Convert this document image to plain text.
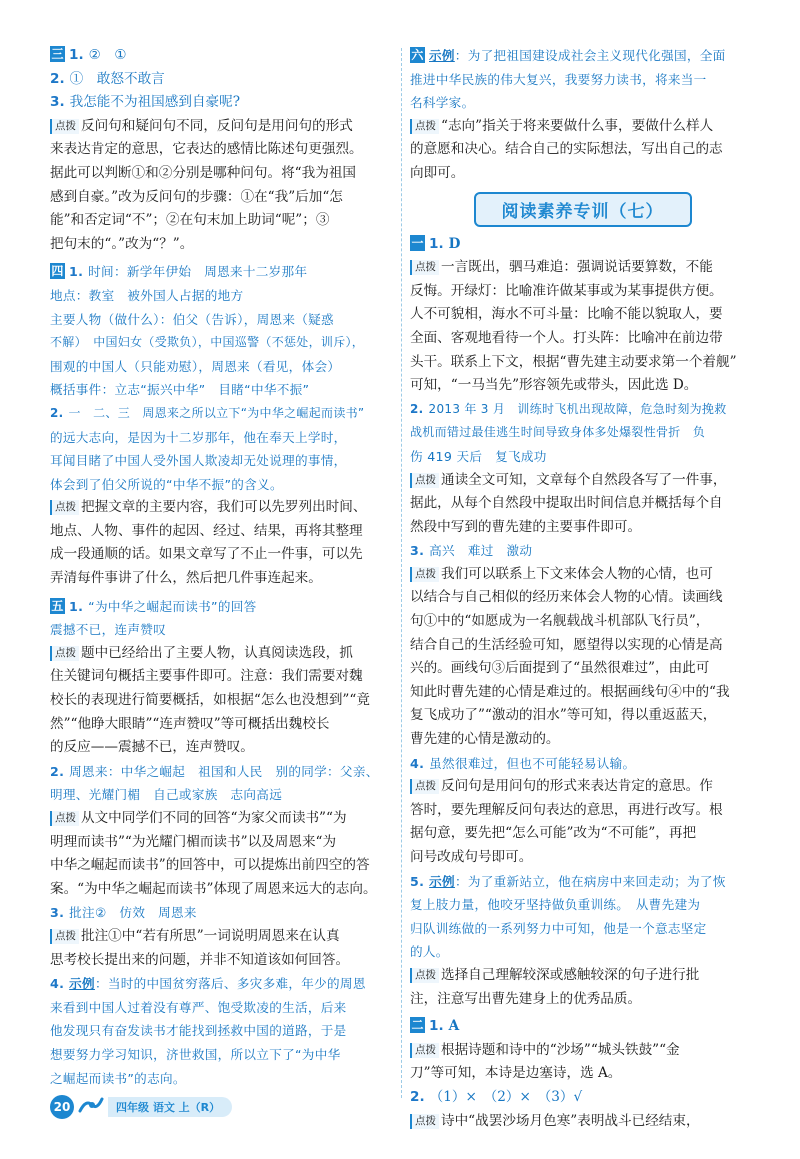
三 1. ②　①
2. ①　敢怒不敢言
3. 我怎能不为祖国感到自豪呢?
点拨 反问句和疑问句不同，反问句是用问句的形式
来表达肯定的意思，它表达的感情比陈述句更强烈。
据此可以判断①和②分别是哪种问句。将“我为祖国
感到自豪。”改为反问句的步骤：①在“我”后加“怎
能”和否定词“不”；②在句末加上助词“呢”；③
把句末的“。”改为“？”。
四 1. 时间：新学年伊始　周恩来十二岁那年
地点：教室　被外国人占据的地方
主要人物（做什么）：伯父（告诉），周恩来（疑惑
不解）　中国妇女（受欺负），中国巡警（不惩处，训斥），
围观的中国人（只能劝慰），周恩来（看见，体会）
概括事件：立志“振兴中华”　目睹“中华不振”
2. 一　二、三　周恩来之所以立下“为中华之崛起而读书”
的远大志向，是因为十二岁那年，他在奉天上学时，
耳闻目睹了中国人受外国人欺凌却无处说理的事情，
体会到了伯父所说的“中华不振”的含义。
点拨 把握文章的主要内容，我们可以先罗列出时间、
地点、人物、事件的起因、经过、结果，再将其整理
成一段通顺的话。如果文章写了不止一件事，可以先
弄清每件事讲了什么，然后把几件事连起来。
五 1. “为中华之崛起而读书”的回答
震撼不已，连声赞叹
点拨 题中已经给出了主要人物，认真阅读选段，抓
住关键词句概括主要事件即可。注意：我们需要对魏
校长的表现进行简要概括，如根据“怎么也没想到”“竟
然”“他睁大眼睛”“连声赞叹”等可概括出魏校长
的反应——震撼不已，连声赞叹。
2. 周恩来：中华之崛起　祖国和人民　别的同学：父亲、
明理、光耀门楣　自己或家族　志向高远
点拨 从文中同学们不同的回答“为家父而读书”“为
明理而读书”“为光耀门楣而读书”以及周恩来“为
中华之崛起而读书”的回答中，可以提炼出前四空的答
案。“为中华之崛起而读书”体现了周恩来远大的志向。
3. 批注②　仿效　周恩来
点拨 批注①中“若有所思”一词说明周恩来在认真
思考校长提出来的问题，并非不知道该如何回答。
4. 示例：当时的中国贫穷落后、多灾多难，年少的周恩
来看到中国人过着没有尊严、饱受欺凌的生活，后来
他发现只有奋发读书才能找到拯救中国的道路，于是
想要努力学习知识，济世救国，所以立下了“为中华
之崛起而读书”的志向。
六 示例：为了把祖国建设成社会主义现代化强国，全面
推进中华民族的伟大复兴，我要努力读书，将来当一
名科学家。
点拨 “志向”指关于将来要做什么事，要做什么样人
的意愿和决心。结合自己的实际想法，写出自己的志
向即可。
阅读素养专训（七）
一 1. D
点拨 一言既出，驷马难追：强调说话要算数，不能
反悔。开绿灯：比喻准许做某事或为某事提供方便。
人不可貌相，海水不可斗量：比喻不能以貌取人，要
全面、客观地看待一个人。打头阵：比喻冲在前边带
头干。联系上下文，根据“曹先建主动要求第一个着舰”
可知，“一马当先”形容领先或带头，因此选 D。
2. 2013 年 3 月　训练时飞机出现故障，危急时刻为挽救
战机而错过最佳逃生时间导致身体多处爆裂性骨折　负
伤 419 天后　复飞成功
点拨 通读全文可知，文章每个自然段各写了一件事，
据此，从每个自然段中提取出时间信息并概括每个自
然段中写到的曹先建的主要事件即可。
3. 高兴　难过　激动
点拨 我们可以联系上下文来体会人物的心情，也可
以结合与自己相似的经历来体会人物的心情。读画线
句①中的“如愿成为一名舰载战斗机部队飞行员”，
结合自己的生活经验可知，愿望得以实现的心情是高
兴的。画线句③后面提到了“虽然很难过”，由此可
知此时曹先建的心情是难过的。根据画线句④中的“我
复飞成功了”“激动的泪水”等可知，得以重返蓝天，
曹先建的心情是激动的。
4. 虽然很难过，但也不可能轻易认输。
点拨 反问句是用问句的形式来表达肯定的意思。作
答时，要先理解反问句表达的意思，再进行改写。根
据句意，要先把“怎么可能”改为“不可能”，再把
问号改成句号即可。
5. 示例：为了重新站立，他在病房中来回走动；为了恢
复上肢力量，他咬牙坚持做负重训练。　从曹先建为
归队训练做的一系列努力中可知，他是一个意志坚定
的人。
点拨 选择自己理解较深或感触较深的句子进行批
注，注意写出曹先建身上的优秀品质。
二 1. A
点拨 根据诗题和诗中的“沙场”“城头铁鼓”“金
刀”等可知，本诗是边塞诗，选 A。
2. （1）×　（2）×　（3）√
点拨 诗中“战罢沙场月色寒”表明战斗已经结束，
20	四年级 语文 上（R）
